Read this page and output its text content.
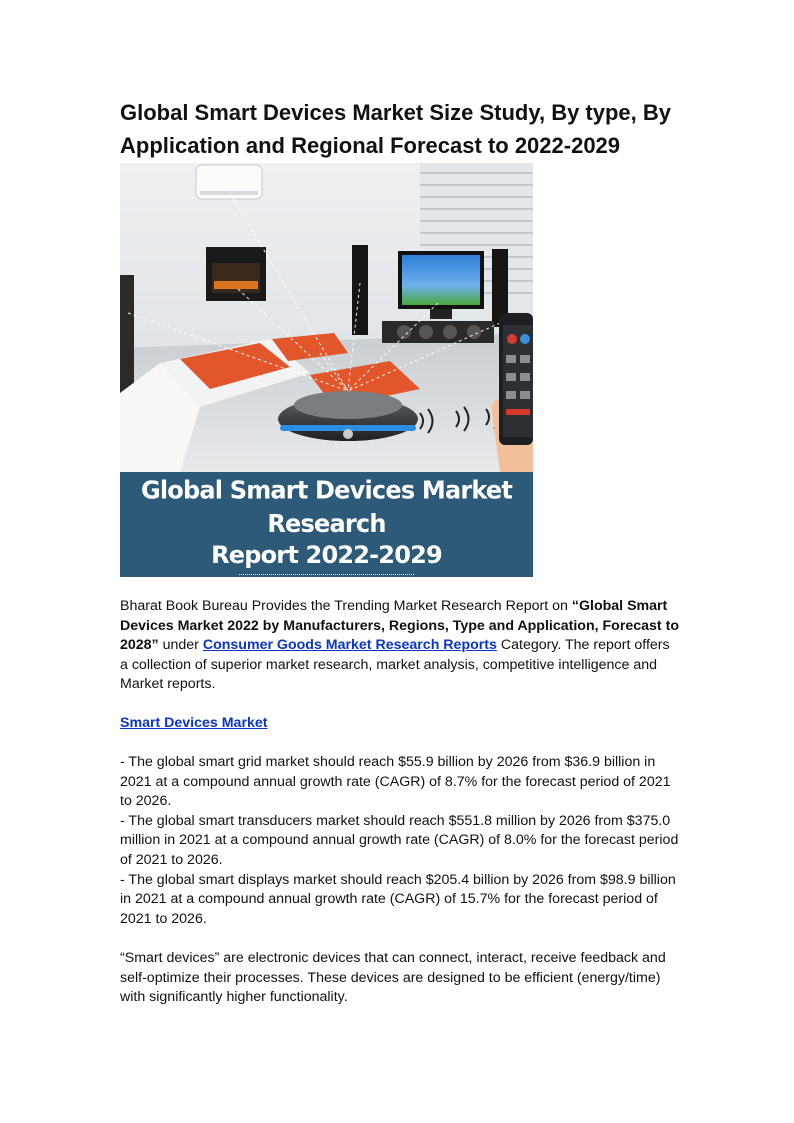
Global Smart Devices Market Size Study, By type, By Application and Regional Forecast to 2022-2029
Global Smart Devices Market Research
Report 2022-2029
www.bharatbook.com

Bharat Book Bureau Provides the Trending Market Research Report on “Global Smart Devices Market 2022 by Manufacturers, Regions, Type and Application, Forecast to 2028” under Consumer Goods Market Research Reports Category. The report offers a collection of superior market research, market analysis, competitive intelligence and Market reports.

Smart Devices Market

- The global smart grid market should reach $55.9 billion by 2026 from $36.9 billion in 2021 at a compound annual growth rate (CAGR) of 8.7% for the forecast period of 2021 to 2026.
- The global smart transducers market should reach $551.8 million by 2026 from $375.0 million in 2021 at a compound annual growth rate (CAGR) of 8.0% for the forecast period of 2021 to 2026.
- The global smart displays market should reach $205.4 billion by 2026 from $98.9 billion in 2021 at a compound annual growth rate (CAGR) of 15.7% for the forecast period of 2021 to 2026.

“Smart devices” are electronic devices that can connect, interact, receive feedback and self-optimize their processes. These devices are designed to be efficient (energy/time) with significantly higher functionality.
